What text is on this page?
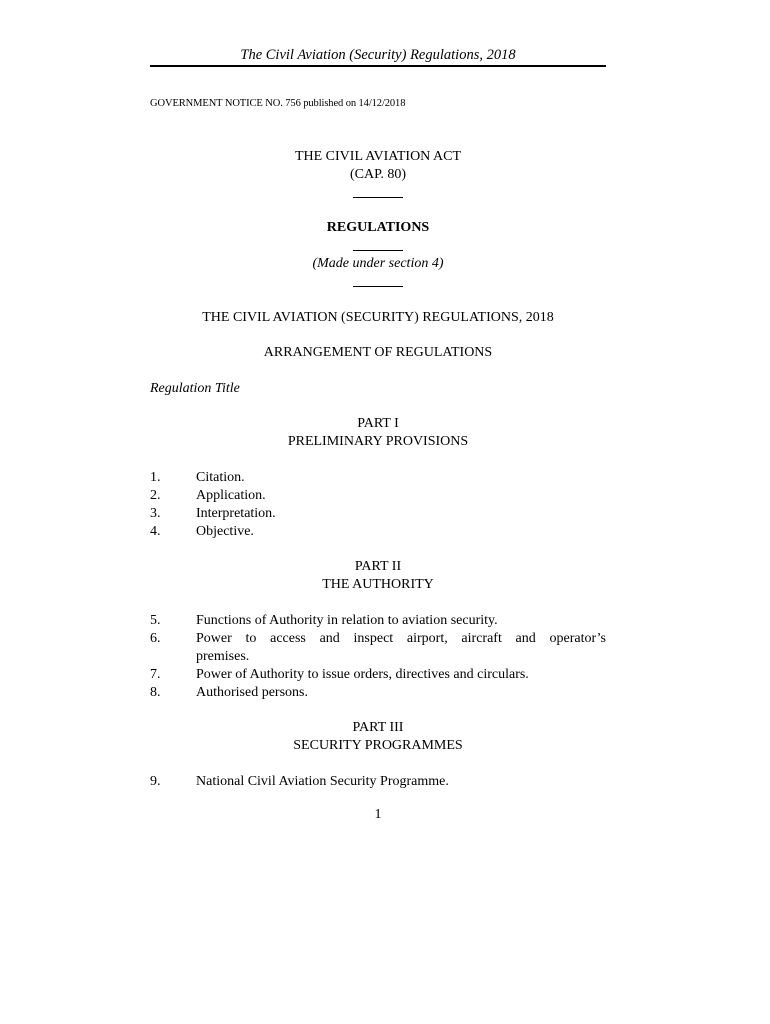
The Civil Aviation (Security) Regulations, 2018
GOVERNMENT NOTICE NO. 756 published on 14/12/2018
THE CIVIL AVIATION ACT
(CAP. 80)
REGULATIONS
(Made under section 4)
THE CIVIL AVIATION (SECURITY) REGULATIONS, 2018
ARRANGEMENT OF REGULATIONS
Regulation Title
PART I
PRELIMINARY PROVISIONS
1.	Citation.
2.	Application.
3.	Interpretation.
4.	Objective.
PART II
THE AUTHORITY
5.	Functions of Authority in relation to aviation security.
6.	Power to access and inspect airport, aircraft and operator’s
premises.
7.	Power of Authority to issue orders, directives and circulars.
8.	Authorised persons.
PART III
SECURITY PROGRAMMES
9.	National Civil Aviation Security Programme.
1
